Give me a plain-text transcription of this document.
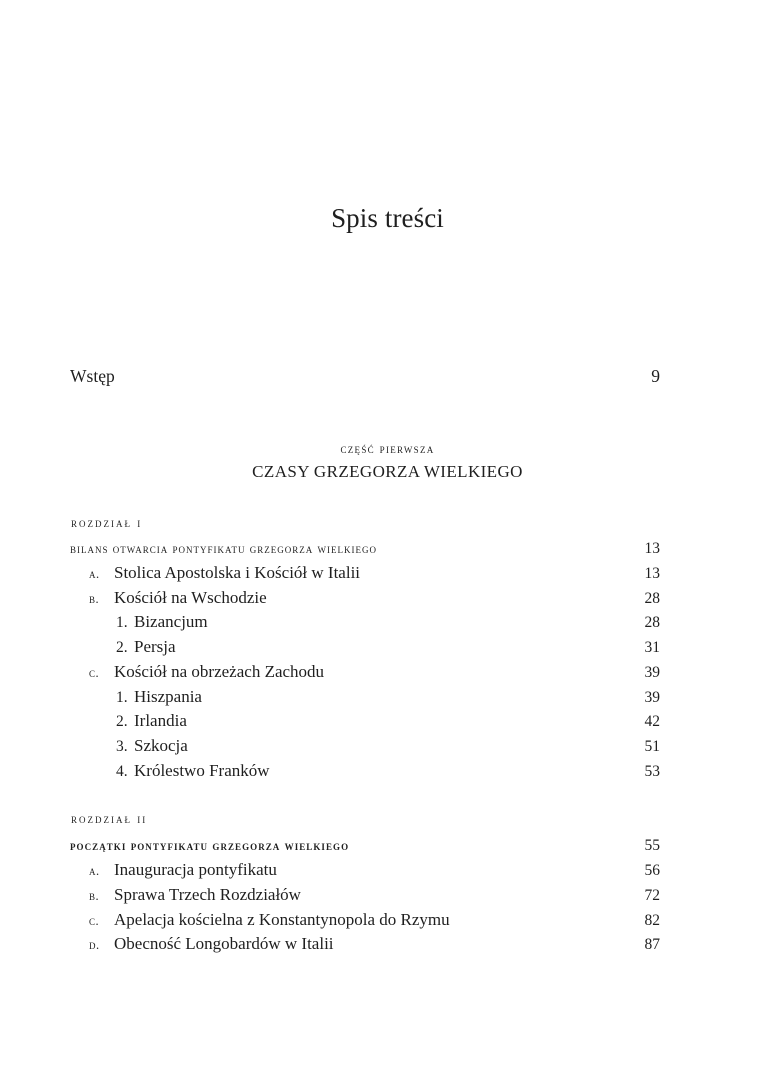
Spis treści
Wstęp	9
część pierwsza
CZASY GRZEGORZA WIELKIEGO
rozdział i
bilans otwarcia pontyfikatu grzegorza wielkiego	13
a. Stolica Apostolska i Kościół w Italii	13
b. Kościół na Wschodzie	28
1. Bizancjum	28
2. Persja	31
c. Kościół na obrzeżach Zachodu	39
1. Hiszpania	39
2. Irlandia	42
3. Szkocja	51
4. Królestwo Franków	53
rozdział ii
początki pontyfikatu grzegorza wielkiego	55
a. Inauguracja pontyfikatu	56
b. Sprawa Trzech Rozdziałów	72
c. Apelacja kościelna z Konstantynopola do Rzymu	82
d. Obecność Longobardów w Italii	87
